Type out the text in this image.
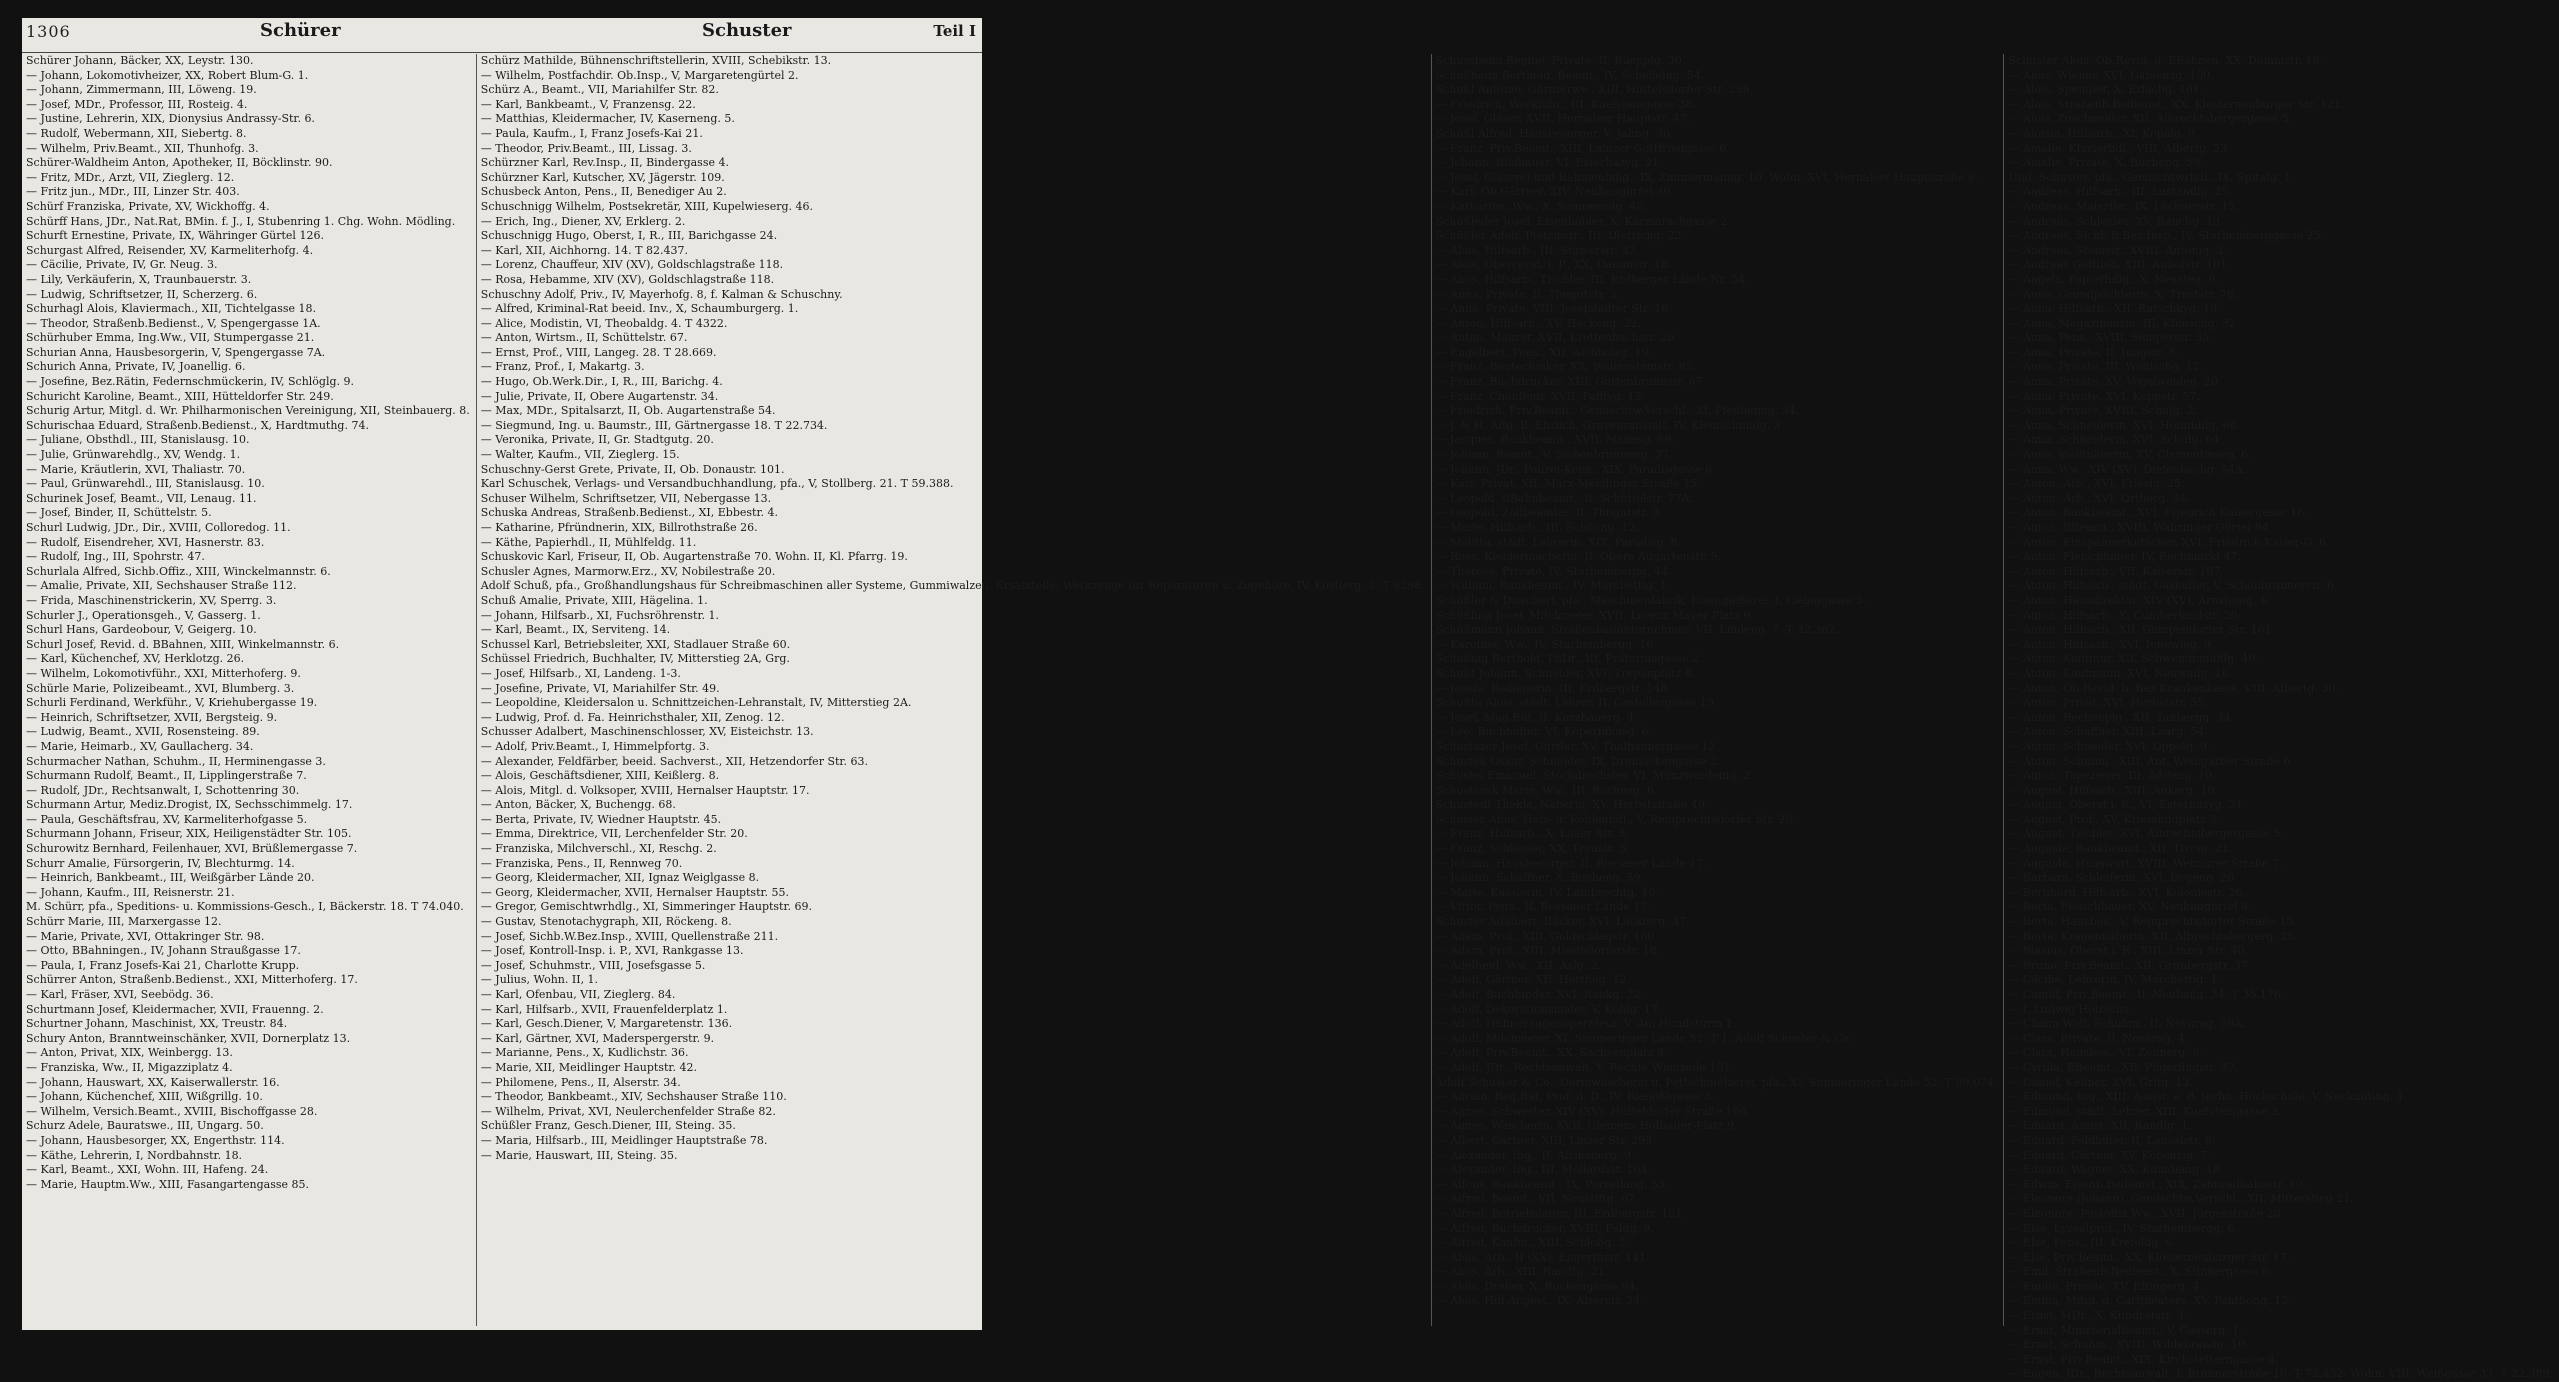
1306	Schürer	Schuster	Teil I
Schürer Johann, Bäcker, XX, Leystr. 130.
— Johann, Lokomotivheizer, XX, Robert Blum-G. 1.
— Johann, Zimmermann, III, Löweng. 19.
— Josef, MDr., Professor, III, Rosteig. 4.
— Justine, Lehrerin, XIX, Dionysius Andrassy-Str. 6.
— Rudolf, Webermann, XII, Siebertg. 8.
— Wilhelm, Priv.Beamt., XII, Thunhofg. 3.
Schürer-Waldheim Anton, Apotheker, II, Böcklinstr. 90.
— Fritz, MDr., Arzt, VII, Zieglerg. 12.
— Fritz jun., MDr., III, Linzer Str. 403.
Schürf Franziska, Private, XV, Wickhoffg. 4.
Schürff Hans, JDr., Nat.Rat, BMin. f. J., I, Stubenring 1. Chg. Wohn. Mödling.
Schurft Ernestine, Private, IX, Währinger Gürtel 126.
Schurgast Alfred, Reisender, XV, Karmeliterhofg. 4.
— Cäcilie, Private, IV, Gr. Neug. 3.
— Lily, Verkäuferin, X, Traunbauerstr. 3.
— Ludwig, Schriftsetzer, II, Scherzerg. 6.
Schurhagl Alois, Klaviermach., XII, Tichtelgasse 18.
— Theodor, Straßenb.Bedienst., V, Spengergasse 1A.
Schürhuber Emma, Ing.Ww., VII, Stumpergasse 21.
Schurian Anna, Hausbesorgerin, V, Spengergasse 7A.
Schurich Anna, Private, IV, Joanellig. 6.
— Josefine, Bez.Rätin, Federnschmückerin, IV, Schlöglg. 9.
Schuricht Karoline, Beamt., XIII, Hütteldorfer Str. 249.
Schurig Artur, Mitgl. d. Wr. Philharmonischen Vereinigung, XII, Steinbauerg. 8.
Schurischaa Eduard, Straßenb.Bedienst., X, Hardtmuthg. 74.
— Juliane, Obsthdl., III, Stanislausg. 10.
— Julie, Grünwarehdlg., XV, Wendg. 1.
— Marie, Kräutlerin, XVI, Thaliastr. 70.
— Paul, Grünwarehdl., III, Stanislausg. 10.
Schurinek Josef, Beamt., VII, Lenaug. 11.
— Josef, Binder, II, Schüttelstr. 5.
Schurl Ludwig, JDr., Dir., XVIII, Colloredog. 11.
— Rudolf, Eisendreher, XVI, Hasnerstr. 83.
— Rudolf, Ing., III, Spohrstr. 47.
Schurlala Alfred, Sichb.Offiz., XIII, Winckelmannstr. 6.
— Amalie, Private, XII, Sechshauser Straße 112.
— Frida, Maschinenstrickerin, XV, Sperrg. 3.
Schurler J., Operationsgeh., V, Gasserg. 1.
Schurl Hans, Gardeobour, V, Geigerg. 10.
Schurl Josef, Revid. d. BBahnen, XIII, Winkelmannstr. 6.
— Karl, Küchenchef, XV, Herklotzg. 26.
— Wilhelm, Lokomotivführ., XXI, Mitterhoferg. 9.
Schürle Marie, Polizeibeamt., XVI, Blumberg. 3.
Schurli Ferdinand, Werkführ., V, Kriehubergasse 19.
— Heinrich, Schriftsetzer, XVII, Bergsteig. 9.
— Ludwig, Beamt., XVII, Rosensteing. 89.
— Marie, Heimarb., XV, Gaullacherg. 34.
Schurmacher Nathan, Schuhm., II, Herminengasse 3.
Schurmann Rudolf, Beamt., II, Lipplingerstraße 7.
— Rudolf, JDr., Rechtsanwalt, I, Schottenring 30.
Schurmann Artur, Mediz.Drogist, IX, Sechsschimmelg. 17.
— Paula, Geschäftsfrau, XV, Karmeliterhofgasse 5.
Schurmann Johann, Friseur, XIX, Heiligenstädter Str. 105.
Schurowitz Bernhard, Feilenhauer, XVI, Brüßlemergasse 7.
Schurr Amalie, Fürsorgerin, IV, Blechturmg. 14.
— Heinrich, Bankbeamt., III, Weißgärber Lände 20.
— Johann, Kaufm., III, Reisnerstr. 21.
M. Schürr, pfa., Speditions- u. Kommissions-Gesch., I, Bäckerstr. 18. T 74.040.
Schürr Marie, III, Marxergasse 12.
— Marie, Private, XVI, Ottakringer Str. 98.
— Otto, BBahningen., IV, Johann Straußgasse 17.
— Paula, I, Franz Josefs-Kai 21, Charlotte Krupp.
Schürrer Anton, Straßenb.Bedienst., XXI, Mitterhoferg. 17.
— Karl, Fräser, XVI, Seebödg. 36.
Schurtmann Josef, Kleidermacher, XVII, Frauenng. 2.
Schurtner Johann, Maschinist, XX, Treustr. 84.
Schury Anton, Branntweinschänker, XVII, Dornerplatz 13.
— Anton, Privat, XIX, Weinbergg. 13.
— Franziska, Ww., II, Migazziplatz 4.
— Johann, Hauswart, XX, Kaiserwallerstr. 16.
— Johann, Küchenchef, XIII, Wißgrillg. 10.
— Wilhelm, Versich.Beamt., XVIII, Bischoffgasse 28.
Schurz Adele, Bauratswe., III, Ungarg. 50.
— Johann, Hausbesorger, XX, Engerthstr. 114.
— Käthe, Lehrerin, I, Nordbahnstr. 18.
— Karl, Beamt., XXI, Wohn. III, Hafeng. 24.
— Marie, Hauptm.Ww., XIII, Fasangartengasse 85.
Schürz Mathilde, Bühnenschriftstellerin, XVIII, Schebikstr. 13.
— Wilhelm, Postfachdir. Ob.Insp., V, Margaretengürtel 2.
Schürz A., Beamt., VII, Mariahilfer Str. 82.
— Karl, Bankbeamt., V, Franzensg. 22.
— Matthias, Kleidermacher, IV, Kaserneng. 5.
— Paula, Kaufm., I, Franz Josefs-Kai 21.
— Theodor, Priv.Beamt., III, Lissag. 3.
Schürzner Karl, Rev.Insp., II, Bindergasse 4.
Schürzner Karl, Kutscher, XV, Jägerstr. 109.
Schusbeck Anton, Pens., II, Benediger Au 2.
Schuschnigg Wilhelm, Postsekretär, XIII, Kupelwieserg. 46.
— Erich, Ing., Diener, XV, Erklerg. 2.
Schuschnigg Hugo, Oberst, I, R., III, Barichgasse 24.
— Karl, XII, Aichhorng. 14. T 82.437.
— Lorenz, Chauffeur, XIV (XV), Goldschlagstraße 118.
— Rosa, Hebamme, XIV (XV), Goldschlagstraße 118.
Schuschny Adolf, Priv., IV, Mayerhofg. 8, f. Kalman & Schuschny.
— Alfred, Kriminal-Rat beeid. Inv., X, Schaumburgerg. 1.
— Alice, Modistin, VI, Theobaldg. 4. T 4322.
— Anton, Wirtsm., II, Schüttelstr. 67.
— Ernst, Prof., VIII, Langeg. 28. T 28.669.
— Franz, Prof., I, Makartg. 3.
— Hugo, Ob.Werk.Dir., I, R., III, Barichg. 4.
— Julie, Private, II, Obere Augartenstr. 34.
— Max, MDr., Spitalsarzt, II, Ob. Augartenstraße 54.
— Siegmund, Ing. u. Baumstr., III, Gärtnergasse 18. T 22.734.
— Veronika, Private, II, Gr. Stadtgutg. 20.
— Walter, Kaufm., VII, Zieglerg. 15.
Schuschny-Gerst Grete, Private, II, Ob. Donaustr. 101.
Karl Schuschek, Verlags- und Versandbuchhandlung, pfa., V, Stollberg. 21. T 59.388.
Schuser Wilhelm, Schriftsetzer, VII, Nebergasse 13.
Schuska Andreas, Straßenb.Bedienst., XI, Ebbestr. 4.
— Katharine, Pfründnerin, XIX, Billrothstraße 26.
— Käthe, Papierhdl., II, Mühlfeldg. 11.
Schuskovic Karl, Friseur, II, Ob. Augartenstraße 70. Wohn. II, Kl. Pfarrg. 19.
Schusler Agnes, Marmorw.Erz., XV, Nobilestraße 20.
Adolf Schuß, pfa., Großhandlungshaus für Schreibmaschinen aller Systeme, Gummiwalzen, Ersatzteile, Werkzeuge für Reparaturen u. Zugehöre, IV, Köstlerg. 3. T 8298.
Schuß Amalie, Private, XIII, Hägelina. 1.
— Johann, Hilfsarb., XI, Fuchsröhrenstr. 1.
— Karl, Beamt., IX, Serviteng. 14.
Schussel Karl, Betriebsleiter, XXI, Stadlauer Straße 60.
Schüssel Friedrich, Buchhalter, IV, Mitterstieg 2A, Grg.
— Josef, Hilfsarb., XI, Landeng. 1-3.
— Josefine, Private, VI, Mariahilfer Str. 49.
— Leopoldine, Kleidersalon u. Schnittzeichen-Lehranstalt, IV, Mitterstieg 2A.
— Ludwig, Prof. d. Fa. Heinrichsthaler, XII, Zenog. 12.
Schusser Adalbert, Maschinenschlosser, XV, Eisteichstr. 13.
— Adolf, Priv.Beamt., I, Himmelpfortg. 3.
— Alexander, Feldfärber, beeid. Sachverst., XII, Hetzendorfer Str. 63.
— Alois, Geschäftsdiener, XIII, Keißlerg. 8.
— Alois, Mitgl. d. Volksoper, XVIII, Hernalser Hauptstr. 17.
— Anton, Bäcker, X, Buchengg. 68.
— Berta, Private, IV, Wiedner Hauptstr. 45.
— Emma, Direktrice, VII, Lerchenfelder Str. 20.
— Franziska, Milchverschl., XI, Reschg. 2.
— Franziska, Pens., II, Rennweg 70.
— Georg, Kleidermacher, XII, Ignaz Weiglgasse 8.
— Georg, Kleidermacher, XVII, Hernalser Hauptstr. 55.
— Gregor, Gemischtwrhdlg., XI, Simmeringer Hauptstr. 69.
— Gustav, Stenotachygraph, XII, Röckeng. 8.
— Josef, Sichb.W.Bez.Insp., XVIII, Quellenstraße 211.
— Josef, Kontroll-Insp. i. P., XVI, Rankgasse 13.
— Josef, Schuhmstr., VIII, Josefsgasse 5.
— Julius, Wohn. II, 1.
— Karl, Ofenbau, VII, Zieglerg. 84.
— Karl, Hilfsarb., XVII, Frauenfelderplatz 1.
— Karl, Gesch.Diener, V, Margaretenstr. 136.
— Karl, Gärtner, XVI, Maderspergerstr. 9.
— Marianne, Pens., X, Kudlichstr. 36.
— Marie, XII, Meidlinger Hauptstr. 42.
— Philomene, Pens., II, Alserstr. 34.
— Theodor, Bankbeamt., XIV, Sechshauser Straße 110.
— Wilhelm, Privat, XVI, Neulerchenfelder Straße 82.
Schüßler Franz, Gesch.Diener, III, Steing. 35.
— Maria, Hilfsarb., III, Meidlinger Hauptstraße 78.
— Marie, Hauswart, III, Steing. 35.
Schussheim Regine, Private, II, Ruepplg. 30.
Schußheim Berthold, Beamt., IV, Schelleing. 54.
Schußl Antonie, Gärtnerwe., XIII, Hüttelsdorfer Str. 259.
— Friedrich, Werkführ., III, Kuefsteingasse 38.
— Josef, Gläser, XVII, Hernalser Hauptstr. 47.
Schußl Alfred, Hausbesorger, V, Jahng. 30.
— Franz, Priv.Beamt., XIII, Lainzer Gottfriedgasse 6.
— Johann, Bildhauer, VI, Esterhazyg. 21.
— Josef, Glaserei und Rahmenhdlg., IX, Zimmermanng. 10. Wohn. XVI, Hernalser Hauptstraße 8.
— Karl, Ob.Gärtner, XIV, Neubaugürtel 30.
— Katharine, Ww., X, Sonnwendg. 40.
Schußleder Josef, Eisenhobler, X, Karmarschgasse 2.
Schüßler Adolf, Platzmstr., III, Dietrichg. 22.
— Alois, Hilfsarb., III, Stuwerstr. 33.
— Alois, Oberrevid. i. P., XX, Dammstr. 18.
— Alois, Hilfsarb., Tischler, III, Erdberger Lände Nr. 54.
— Anna, Private, II, Thugutstr. 3.
— Anna, Private, VIII, Josefstädter Str. 16.
— Anton, Hilfsarb., XV, Hackeng. 22.
— Anton, Maurer, XVII, Krottenbachstr. 20.
— Engelbert, Pens., XII, Aichholzg. 19.
— Franz, Bautechniker, XX, Wallensteinstr. 62.
— Franz, Buchdrucker, XIII, Guttenbrunnstr. 67.
— Franz, Chauffeur, XVII, Palffyg. 15.
— Friedrich, Priv.Beamt., Gemischtw.Verschl., XI, Pfeilheimg. 34.
— J. & H. Alfg. B. Ehrlich, Graveuranstalt, IV, Kleinschmidg. 3.
— Jacques, Bankbeamt., XVII, Mazeng. 69.
— Johann, Beamt., V, Siebenbrunneng. 37.
— Johann, JDr., Polizei-Konz., XIX, Paradisgasse 8.
— Karl, Privat, XII, Marx-Meidlinger Straße 15.
— Leopold, BBahnbeamt., II, Schüttelstr. 77A.
— Leopold, Zollbeamter, II, Thugutstr. 3.
— Marie, Hilfsarb., III, Schönng. 12.
— Melitta, städt. Lehrerin, XIX, Paradisg. 8.
— Rosa, Kleidermacherin, II, Obere Augartenstr. 9.
— Therese, Private, IV, Starhembergg. 44.
— William, Bankbeamt., IV, Marchettig. 1.
Schüßler & Dirscherl, pfa., Maschinenfabrik, Eisengießerei, I, Liebiggasse 5.
Schüßling Josef, Milchmeier, XVII, Lorenz Mayer-Platz 9.
Schußmann Johann, Straßenbauunternehmer, VII, Lindeng. 7. T 32.362.
— Karoline, Ww., IV, Starhembergg. 16.
Schußnig Berthold, PhDr., III, Prätoriusgasse 2.
Schußt Johann, Schneider, XVI, Trepanplatz 8.
— Josefa, Bedienerin, III, Erdbergstr. 148.
Schußta Alois, städt. Lehrer, II, Castellezgasse 19.
— Josef, Mag.Rat, II, Kurzbauerg. 4.
— Leo, Buchhalter, VI, Kopernikusg. 6.
Schustazer Josef, Gürtler, XV, Thalhaimergasse 13.
Schustek Oskar, Schneider, IX, Dreihackengasse 2.
Schustel Emanuel, Stockdrechsler, VI, Münzwardeing. 2.
Schustarek Marie, Ww., III, Rochusg. 6.
Schustedt Thekla, Näherin, XV, Herbststraße 49.
Schuster Alois, Holz- u. Kohlenhdl., V, Reinprechtsdorfer Str. 28.
— Franz, Hilfsarb., X, Laaer Str. 3.
— Franz, Schlosser, XX, Treustr. 3.
— Johann, Hausbesorger, II, Rossauer Lände 17.
— Johann, Schaffner, X, Bucheng. 59.
— Marie, Kassierin, IV, Lambrechtg. 10.
— Vittor, Pens., II, Rossauer Lände 17.
Schuster Adalbert, Bäcker, XVI, Lackierg. 47.
— Adam, Prof., XIII, Goldschlagstr. 160.
— Adam, Prof., XIII, Missindorferstr. 18.
— Adelheid, Ww., XII, Aslg. 2.
— Adolf, Gärtner, XII, Herthag. 12.
— Adolf, Buchbinder, XVI, Rankg. 22.
— Adolf, Dekorationsmaler, V, Kohlg. 17.
— Adolf, Hühneraugenoperateur, V, Am Hundsturm 1.
— Adolf, Milchmeier, XI, Simmeringer Lände 52. T 1, Adolf Schuster & Co.
— Adolf, Priv.Beamt., XX, Sachsenplatz 8.
— Adolf, JDr., Rechtsanwalt, V, Rechte Wienzeile 101.
Adolf Schuster & Co., Darmwäscherei u. Fettschmelzerei, pfa., XI, Simmeringer Lände 52. T 99.074.
— Adrian, Reg.Rat, Prof. d. D., IV, Rienößlgasse 5.
— Agnes, Schwester, XIV (XV), Hütteldorfer Straße 166.
— Agnes, Wäscherin, XVII, Clemens Hofbauer-Platz 9.
— Albert, Gärtner, XIII, Linzer Str. 299.
— Alexander, Ing., II, Afrikanerg. 9.
— Alexander, Ing., III, Mollardstr. 104.
— Alfons, Bankbeamt., IX, Porzellang. 33.
— Alfred, Beamt., VII, Neustiftg. 67.
— Alfred, Betriebsleiter, III, Erdbergstr. 101.
— Alfred, Buchdrucker, XVIII, Feldg. 9.
— Alfred, Kaufm., XIII, Schloßg. 5.
— Alois, Arb., II (XX), Engerthstr. 141.
— Alois, Arb., XIII, Randtg. 21.
— Alois, Dreher, X, Buchengasse 94.
— Alois, Hdl.Angest., IX, Alserstr. 24.
Schuster Alois, Ob.Revid. d. BBahnen, XX, Dammstr. 18.
— Alois, Wiener, XVI, Gablenzg. 100.
— Alois, Spengler, X, Erlachg. 101.
— Alois, Straßenb.Bedienst., XX, Klosterneuburger Str. 121.
— Alois, Zuschneider, XII, Albrechtsbergergasse 5.
— Aloisia, Hilfsarb., XI, Kopalg. 9.
— Amalie, Klavierhdl., VIII, Albertg. 53.
— Amalie, Private, X, Bucheng. 59.
Und. Schuster, pfa., Gemischtwrhdl., IX, Spitalg. 1.
— Andreas, Hilfsarb., III, Lustandlg. 25.
— Andreas, Malerfhr., IX, Lechnerstr. 15.
— Andreas, Schlosser, XV, Rauchg. 13.
— Andreas, Sichb.B.Bez.Insp., IV, Starhemberggasse 25.
— Andreas, Steinstr., XVIII, Antonig. 3.
— Andreas Gottlieb, XIII, Auhofstr. 101.
— Angela, Papierhdlg., X, Neusteg. 9.
— Anna, Grundpächterin, X, Troststr. 78.
— Anna, Hilfsarb., XII, Ratschkyg. 19.
— Anna, Magazineurin, III, Klimschg. 32.
— Anna, Pens., XVIII, Semperstr. 35.
— Anna, Private, II, Jungstr. 8.
— Anna, Private, III, Wällischg. 12.
— Anna, Private, XV, Vogelweideg. 20.
— Anna, Private, XVI, Koppstr. 57.
— Anna, Private, XVIII, Schulg. 2.
— Anna, Schneiderin, XVI, Hofmühlg. 66.
— Anna, Schneiderin, XVI, Schulg. 64.
— Anna, Weißnäherin, XV, Clementinseg. 6.
— Anna, Ww., XIV (XV), Diefenbachg. 54A.
— Anton, Arb., XVI, Frieslg. 25.
— Anton, Arb., XVI, Ortlierg. 34.
— Anton, Bankbeamt., XVI, Friedrich Kaisergasse 16.
— Anton, BBeamt., XVIII, Währinger Gürtel 84.
— Anton, Einspännerkutscher, XVI, Friedrich Kaiser-G. 6.
— Anton, Fleischhauer, IV, Rechmarkt 47.
— Anton, Hilfsarb., VII, Kaiserstr. 107.
— Anton, Hilfsarb., städt. Gaskuller, V, Schönbrunnerstr. 6.
— Anton, Hausdirektor, XIV (XV), Arnsteing. 4.
— Anton, Hilfsarb., X, Cumberlandstr. 20.
— Anton, Hilfsarb., XII, Gumpendorfer Str. 161.
— Anton, Hilfsarb., XVI, Ienewieg. 9.
— Anton, Kontinur, XII, Schwemmmühlg. 40.
— Anton, Kaufmann, XVI, Neuwallg. 16.
— Anton, Ob.Revid. b. Bez.Krankenkasse, VIII, Albertg. 30.
— Anton, Privat, XVI, Herbststr. 55.
— Anton, Rechenpig., XII, Tanbergg. 34.
— Anton, Schaffner, XIII, Laarg. 54.
— Anton, Schneider, XVI, Oppelg. 9.
— Anton, Schuhm., XIII, Ant. Weißgärber Straße 6.
— Anton, Tapezierer, III, Aßdeng. 10.
— August, Hilfsarb., XIII, Ankerg. 10.
— August, Oberst i. R., VI, Esterhazyg. 31.
— August, Prof., XV, Kriemhildplatz 3.
— August, Tischler, XVI, Albrechtsbergergasse 5.
— Auguste, Bankbeamt., XII, Tivrsg. 21.
— Auguste, Hauswart, XVIII, Weimarer Straße 7.
— Barbara, Schleiferin, XVI, Degeng. 20.
— Bernhard, Hilfsarb., XVI, Koloniestr. 26.
— Berta, Fleischhauer, XV, Neubaugürtel 8.
— Berta, Hausbes., V, Reinprechtsdorfer Straße 15.
— Berta, Kragennäherin, XII, Albrechtsbergerg. 25.
— Blasius, Oberst i. R., XIII, Linzer Str. 40.
— Bruno, Priv.Beamt., XII, Grünbergstr. 37.
— Cäcilie, Lehrerin, IV, Marchettig. 1.
— Camill, Priv.Beamt., II, Neubaug. 34. T 35.176.
— f. Ludwig Holzscha.
— Chaim Wolf, Schuhm., II, Novarag. 38A.
— Clara, Private, II, Novarag. 4.
— Clara, Hausbes., VI, Zehnerg. 9.
— Cyrilla, BBeamt., XII, Pilgerlingstr. 37.
— Daniel, Kellner, XVI, Gritg. 13.
— Edmund, Ing., XIII, Assist. a. d. techn. Hochschule, V, Nackmiting. 1.
— Edmund, städt. Lehrer, XIII, Kuefsteingasse 3.
— Eduard, Assist, XII, Randlg. 1.
— Eduard, Feldhüter, II, Lausalstr. 6.
— Eduard, Gärtner, XV, Kobenzlg. 7.
— Eduard, Wagner, XX, Kuindiang. 18.
— Edwin, Eisenb.Bedienst., XIX, Zahnradbahnstr. 10.
— Eleonore (Johann), Gemischtw.Verschl., XII, Mitterstieg 21.
— Eleonore, Postoffiz.Ww., XVII, Jörgerstraße 28.
— Else, Lyzealprof., IV, Starhembergg. 6.
— Else, Pens., III, Krefeldg. 6.
— Else, Priv.Beamt., XX, Klosterneuburger Str. 17.
— Emil, Straßenb.Bedienst., X, Stinnergasse 6.
— Emilie, Private, XV, Effingerg. 4.
— Emma, Mitgl. d. Carltheaters, XV, Panthong. 12.
— Ernst, MDr., X, Kundratstr. 3.
— Ernst, Ministerialbeamt., V, Gasserg. 1.
— Ernst, Schuhm., XVIII, Wildebrandg. 10.
— Ernst, Priv.Beamt., XIX, Kirchstetterngasse 4.
— Eugen, JDr., Rechtsanwalt, I, Brünnerstraße 10. T 72.432. Wohn. VIII, Weißgasse 37. T 22.389.
